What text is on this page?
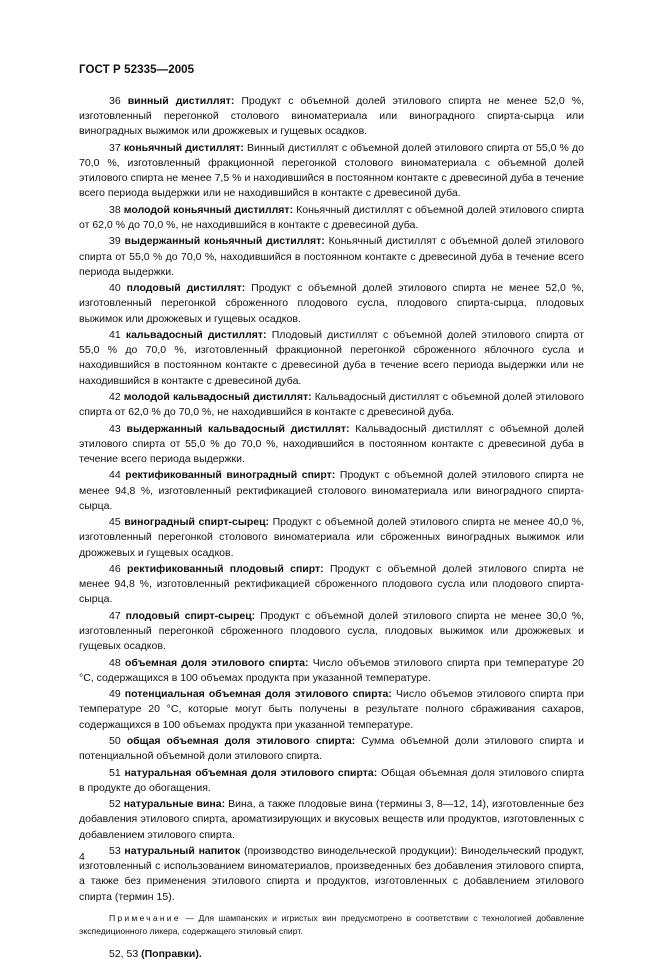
ГОСТ Р 52335—2005

36 винный дистиллят: Продукт с объемной долей этилового спирта не менее 52,0 %, изготовленный перегонкой столового виноматериала или виноградного спирта-сырца или виноградных выжимок или дрожжевых и гущевых осадков.

37 коньячный дистиллят: Винный дистиллят с объемной долей этилового спирта от 55,0 % до 70,0 %, изготовленный фракционной перегонкой столового виноматериала с объемной долей этилового спирта не менее 7,5 % и находившийся в постоянном контакте с древесиной дуба в течение всего периода выдержки или не находившийся в контакте с древесиной дуба.

38 молодой коньячный дистиллят: Коньячный дистиллят с объемной долей этилового спирта от 62,0 % до 70,0 %, не находившийся в контакте с древесиной дуба.

39 выдержанный коньячный дистиллят: Коньячный дистиллят с объемной долей этилового спирта от 55,0 % до 70,0 %, находившийся в постоянном контакте с древесиной дуба в течение всего периода выдержки.

40 плодовый дистиллят: Продукт с объемной долей этилового спирта не менее 52,0 %, изготовленный перегонкой сброженного плодового сусла, плодового спирта-сырца, плодовых выжимок или дрожжевых и гущевых осадков.

41 кальвадосный дистиллят: Плодовый дистиллят с объемной долей этилового спирта от 55,0 % до 70,0 %, изготовленный фракционной перегонкой сброженного яблочного сусла и находившийся в постоянном контакте с древесиной дуба в течение всего периода выдержки или не находившийся в контакте с древесиной дуба.

42 молодой кальвадосный дистиллят: Кальвадосный дистиллят с объемной долей этилового спирта от 62,0 % до 70,0 %, не находившийся в контакте с древесиной дуба.

43 выдержанный кальвадосный дистиллят: Кальвадосный дистиллят с объемной долей этилового спирта от 55,0 % до 70,0 %, находившийся в постоянном контакте с древесиной дуба в течение всего периода выдержки.

44 ректификованный виноградный спирт: Продукт с объемной долей этилового спирта не менее 94,8 %, изготовленный ректификацией столового виноматериала или виноградного спирта-сырца.

45 виноградный спирт-сырец: Продукт с объемной долей этилового спирта не менее 40,0 %, изготовленный перегонкой столового виноматериала или сброженных виноградных выжимок или дрожжевых и гущевых осадков.

46 ректификованный плодовый спирт: Продукт с объемной долей этилового спирта не менее 94,8 %, изготовленный ректификацией сброженного плодового сусла или плодового спирта-сырца.

47 плодовый спирт-сырец: Продукт с объемной долей этилового спирта не менее 30,0 %, изготовленный перегонкой сброженного плодового сусла, плодовых выжимок или дрожжевых и гущевых осадков.

48 объемная доля этилового спирта: Число объемов этилового спирта при температуре 20 °С, содержащихся в 100 объемах продукта при указанной температуре.

49 потенциальная объемная доля этилового спирта: Число объемов этилового спирта при температуре 20 °С, которые могут быть получены в результате полного сбраживания сахаров, содержащихся в 100 объемах продукта при указанной температуре.

50 общая объемная доля этилового спирта: Сумма объемной доли этилового спирта и потенциальной объемной доли этилового спирта.

51 натуральная объемная доля этилового спирта: Общая объемная доля этилового спирта в продукте до обогащения.

52 натуральные вина: Вина, а также плодовые вина (термины 3, 8—12, 14), изготовленные без добавления этилового спирта, ароматизирующих и вкусовых веществ или продуктов, изготовленных с добавлением этилового спирта.

53 натуральный напиток (производство винодельческой продукции): Винодельческий продукт, изготовленный с использованием виноматериалов, произведенных без добавления этилового спирта, а также без применения этилового спирта и продуктов, изготовленных с добавлением этилового спирта (термин 15).

Примечание — Для шампанских и игристых вин предусмотрено в соответствии с технологией добавление экспедиционного ликера, содержащего этиловый спирт.

52, 53 (Поправки).

4
